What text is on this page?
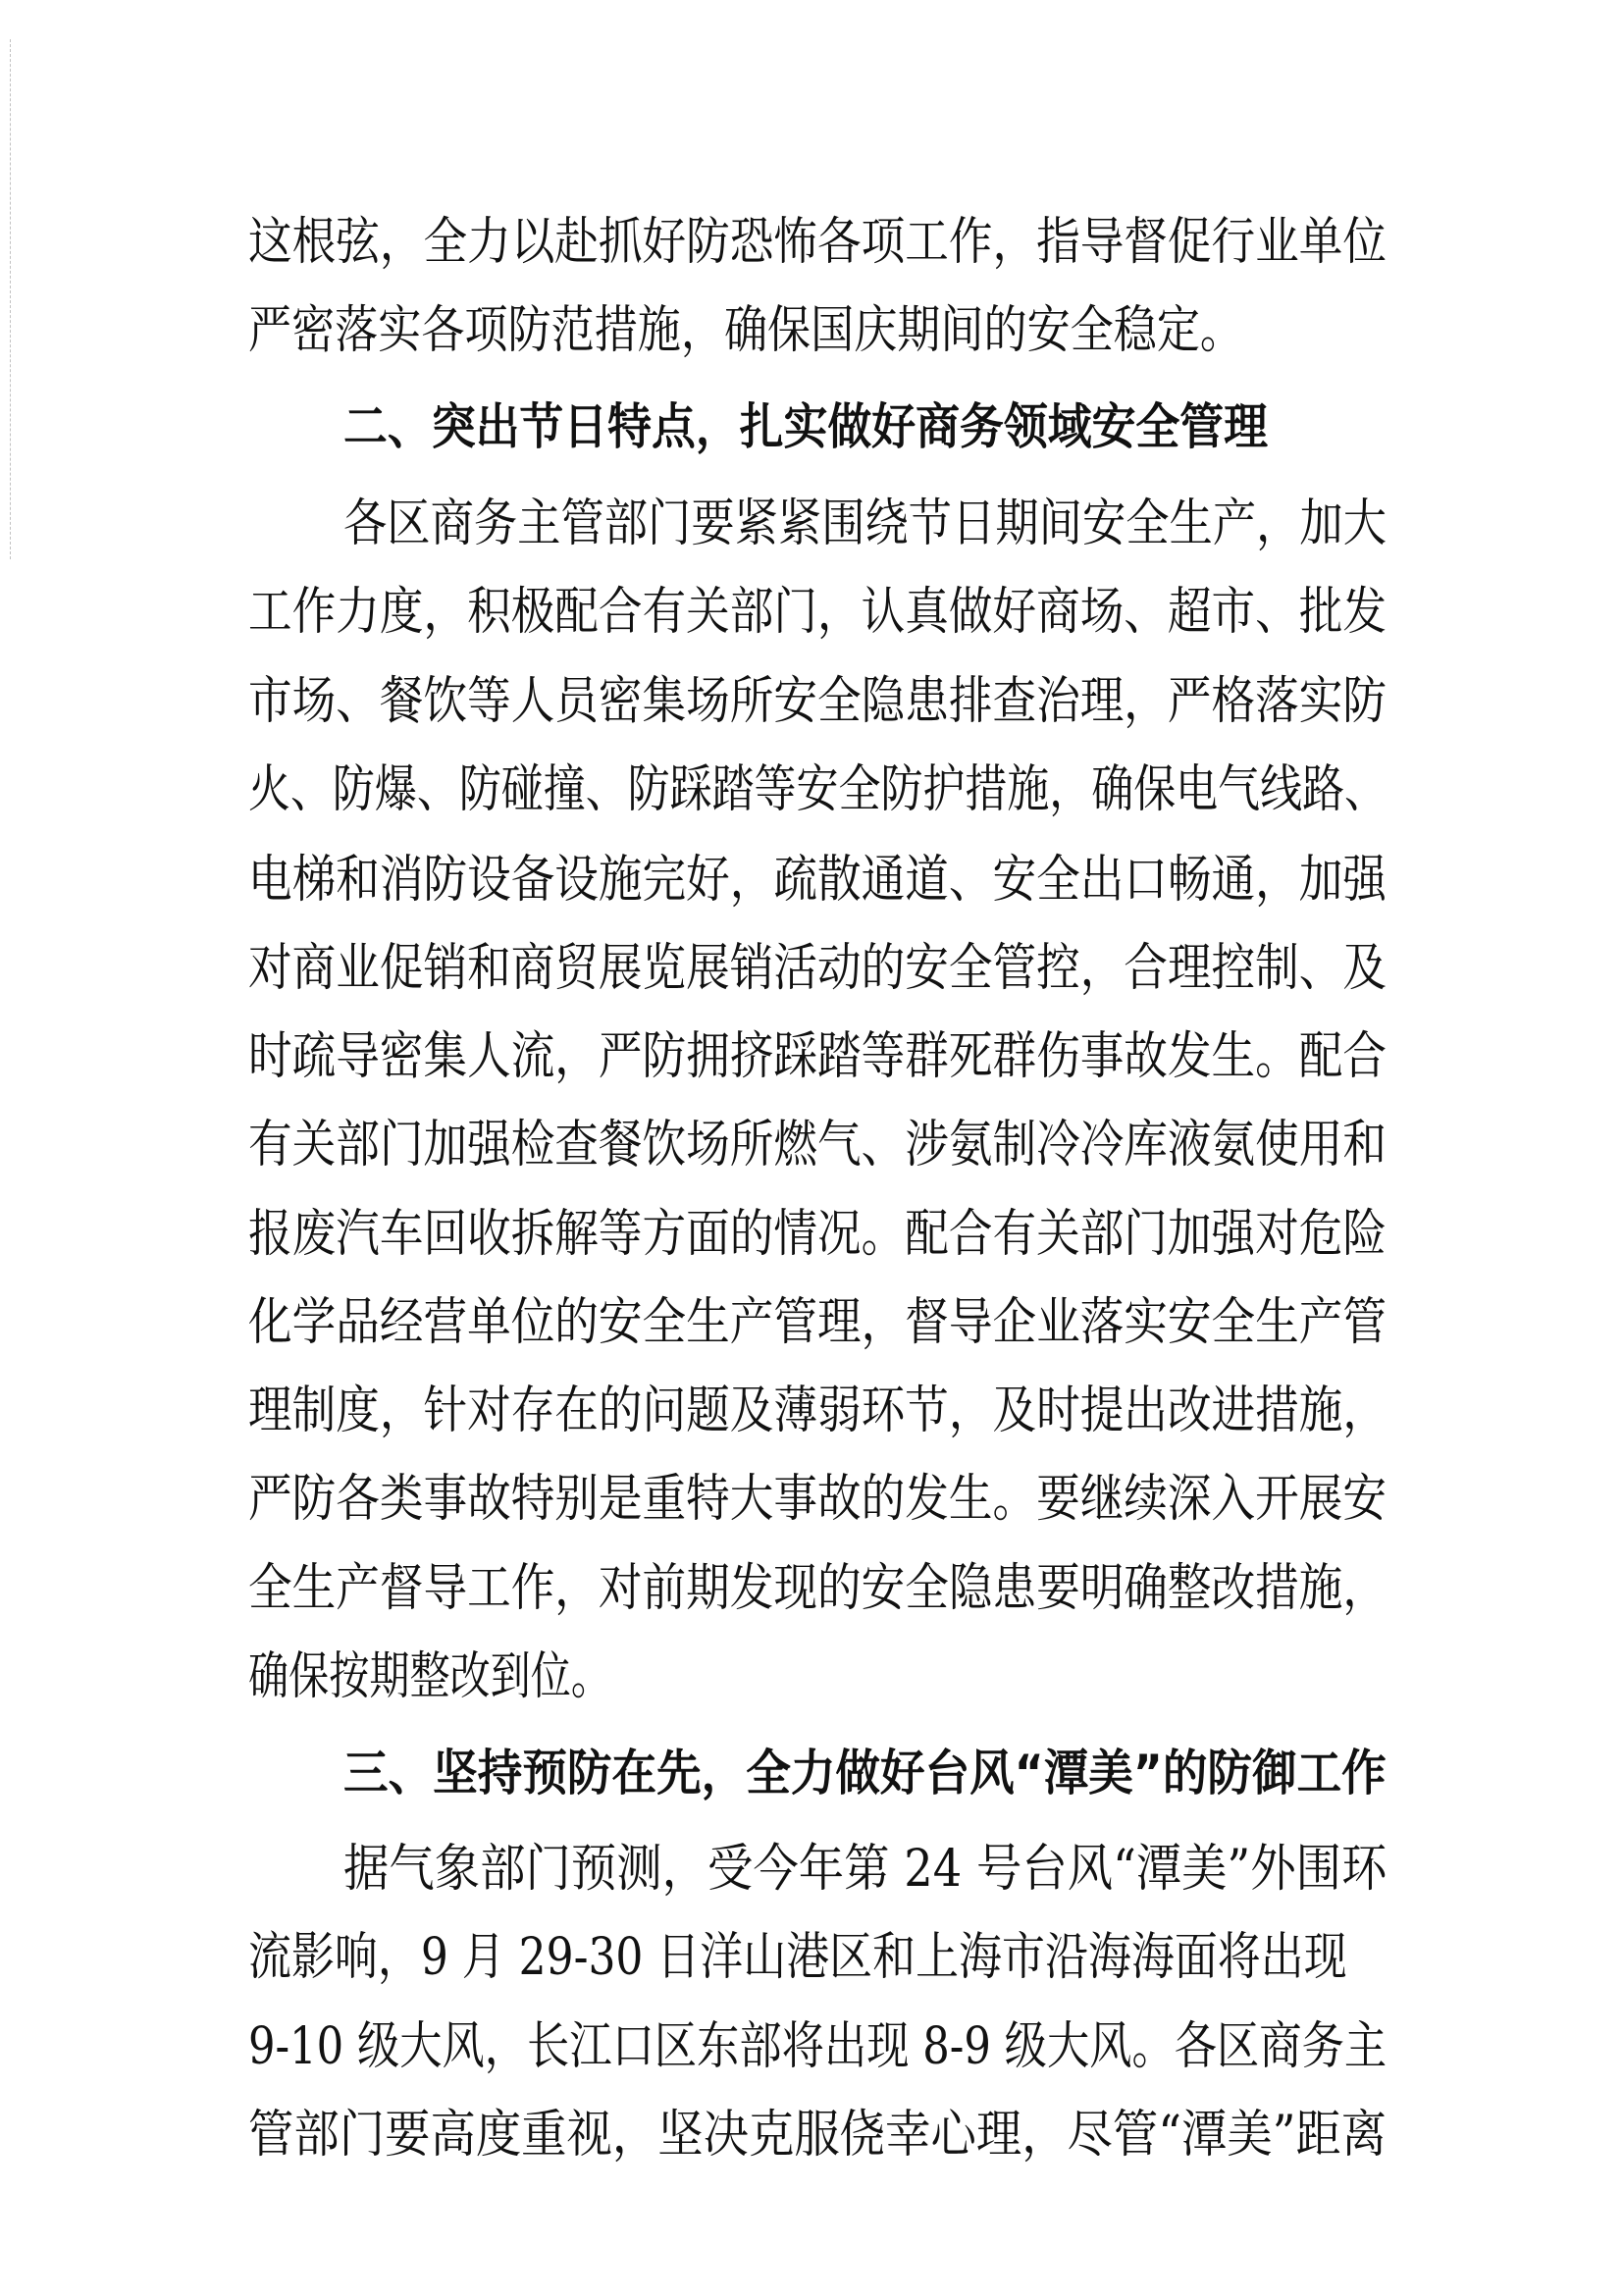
这根弦，全力以赴抓好防恐怖各项工作，指导督促行业单位
严密落实各项防范措施，确保国庆期间的安全稳定。
二、突出节日特点，扎实做好商务领域安全管理
各区商务主管部门要紧紧围绕节日期间安全生产，加大
工作力度，积极配合有关部门，认真做好商场、超市、批发
市场、餐饮等人员密集场所安全隐患排查治理，严格落实防
火、防爆、防碰撞、防踩踏等安全防护措施，确保电气线路、
电梯和消防设备设施完好，疏散通道、安全出口畅通，加强
对商业促销和商贸展览展销活动的安全管控，合理控制、及
时疏导密集人流，严防拥挤踩踏等群死群伤事故发生。配合
有关部门加强检查餐饮场所燃气、涉氨制冷冷库液氨使用和
报废汽车回收拆解等方面的情况。配合有关部门加强对危险
化学品经营单位的安全生产管理，督导企业落实安全生产管
理制度，针对存在的问题及薄弱环节，及时提出改进措施，
严防各类事故特别是重特大事故的发生。要继续深入开展安
全生产督导工作，对前期发现的安全隐患要明确整改措施，
确保按期整改到位。
三、坚持预防在先，全力做好台风“潭美”的防御工作
据气象部门预测，受今年第 24 号台风“潭美”外围环
流影响，9 月 29-30 日洋山港区和上海市沿海海面将出现
9-10 级大风，长江口区东部将出现 8-9 级大风。各区商务主
管部门要高度重视，坚决克服侥幸心理，尽管“潭美”距离
